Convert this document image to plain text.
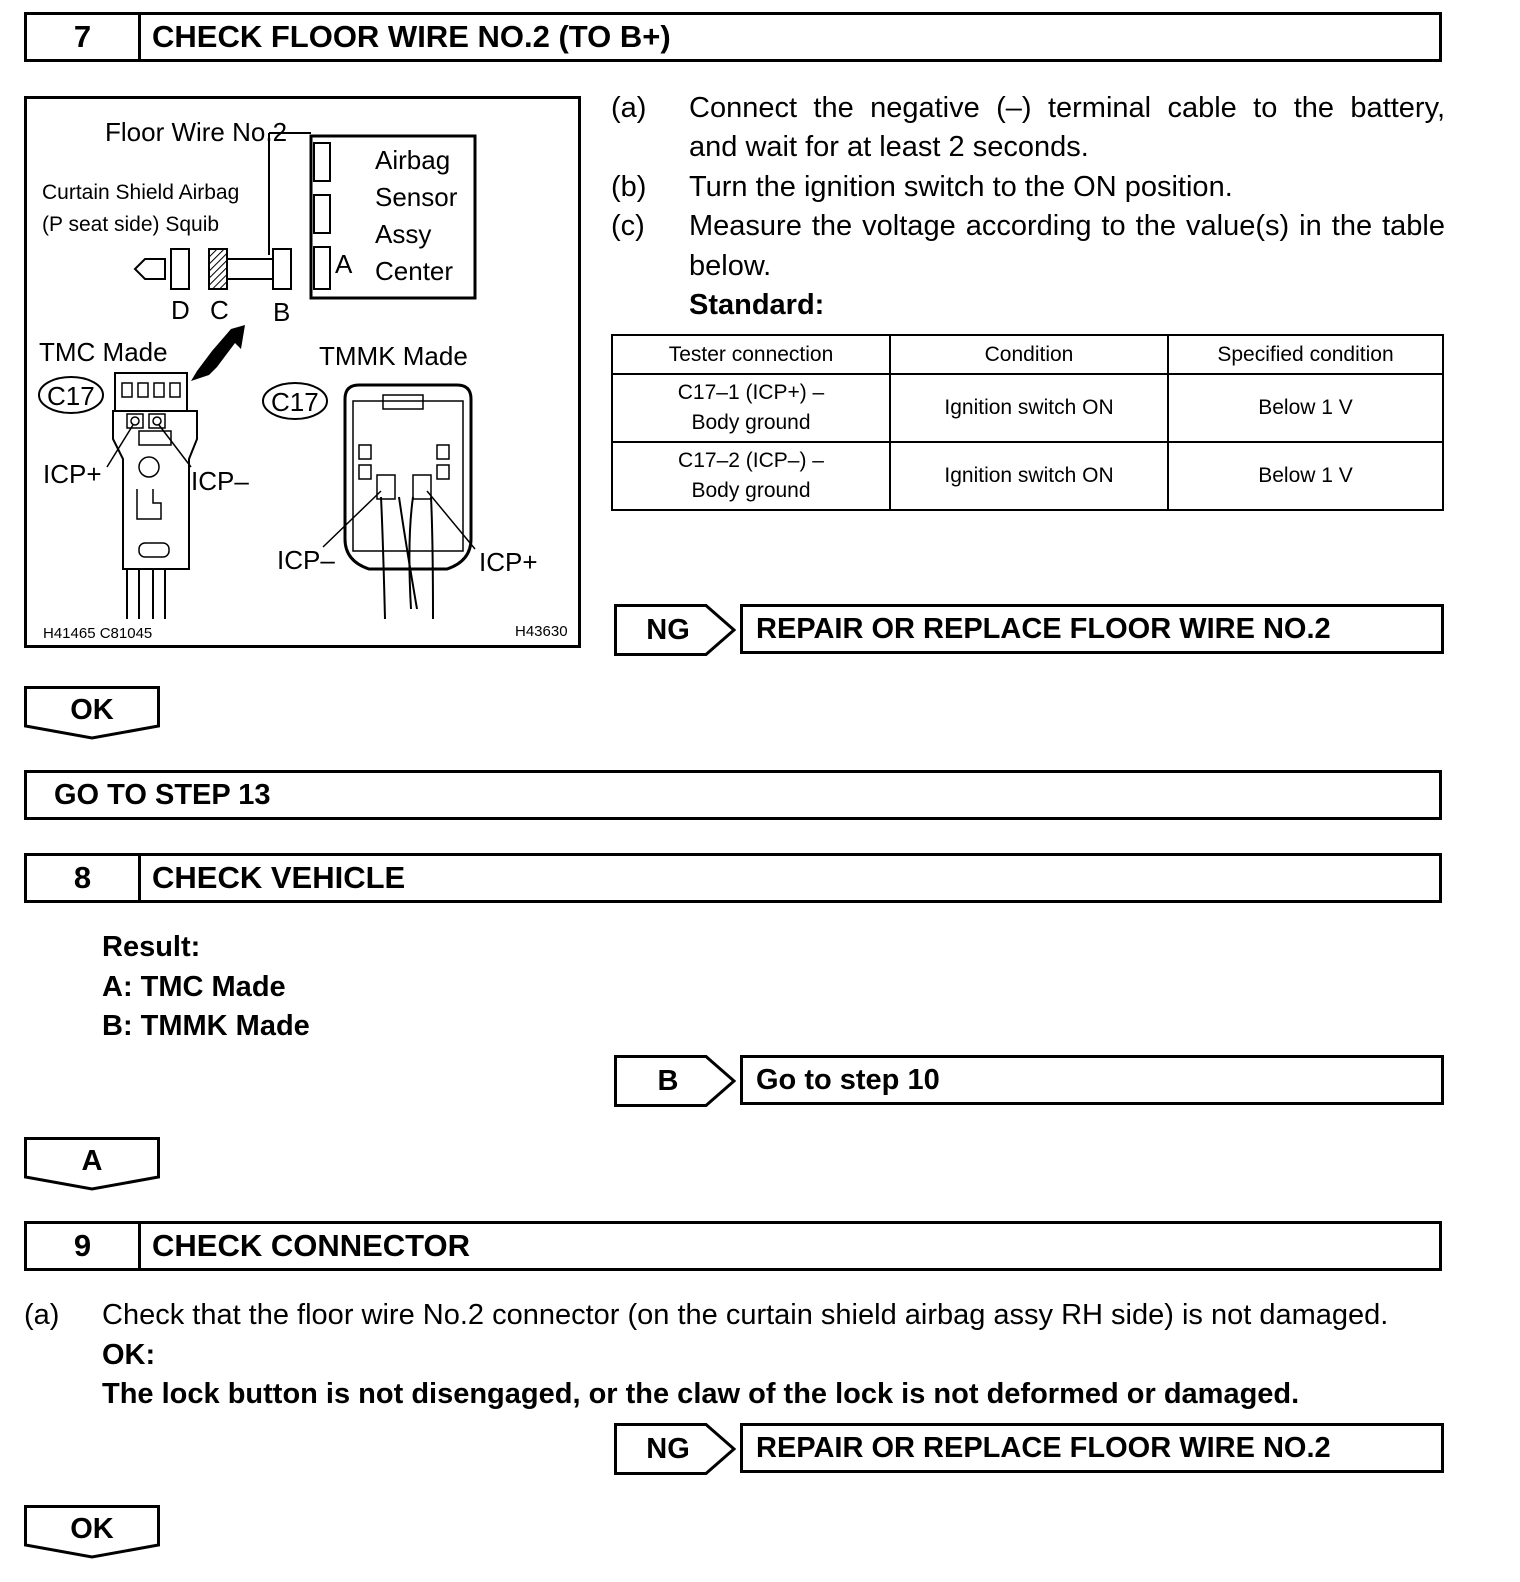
7	CHECK FLOOR WIRE NO.2 (TO B+)
Floor Wire No.2
Curtain Shield Airbag
(P seat side) Squib
Airbag
Sensor
Assy
Center
A
D C B
TMC Made	TMMK Made
C17	C17
ICP+	ICP–
ICP–	ICP+
H41465 C81045	H43630
(a) Connect the negative (–) terminal cable to the battery,
and wait for at least 2 seconds.
(b) Turn the ignition switch to the ON position.
(c) Measure the voltage according to the value(s) in the table
below.
Standard:
Tester connection	Condition	Specified condition

C17–1 (ICP+) –
Body ground	Ignition switch ON	Below 1 V

C17–2 (ICP–) –
Body ground	Ignition switch ON	Below 1 V
NG	REPAIR OR REPLACE FLOOR WIRE NO.2
OK
GO TO STEP 13
8	CHECK VEHICLE
Result:
A: TMC Made
B: TMMK Made
B	Go to step 10
A
9	CHECK CONNECTOR
(a) Check that the floor wire No.2 connector (on the curtain shield airbag assy RH side) is not damaged.
OK:
The lock button is not disengaged, or the claw of the lock is not deformed or damaged.
NG	REPAIR OR REPLACE FLOOR WIRE NO.2
OK
